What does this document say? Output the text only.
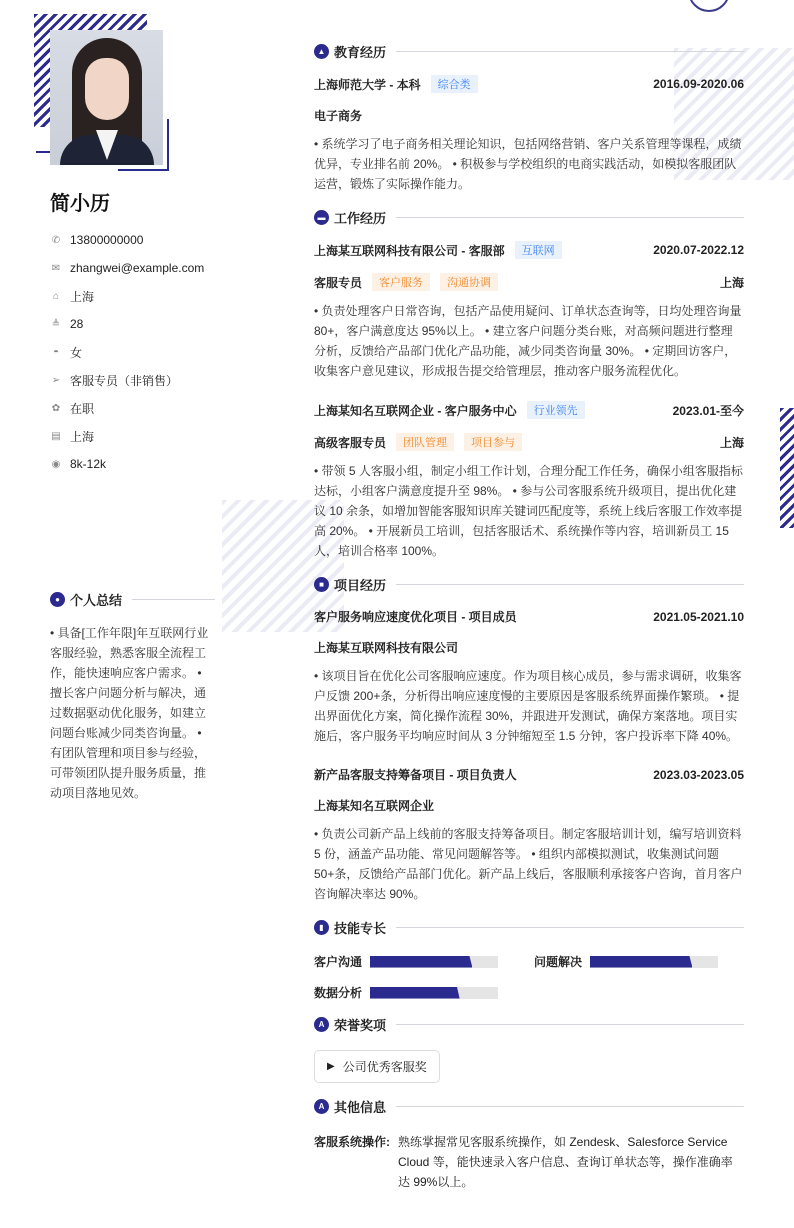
简小历
✆ 13800000000
✉ zhangwei@example.com
⌂ 上海
≜ 28
◓ 女
➢ 客服专员（非销售）
✿ 在职
▤ 上海
◉ 8k-12k
● 个人总结

• 具备[工作年限]年互联网行业客服经验，熟悉客服全流程工作，能快速响应客户需求。 • 擅长客户问题分析与解决，通过数据驱动优化服务，如建立问题台账减少同类咨询量。 • 有团队管理和项目参与经验，可带领团队提升服务质量，推动项目落地见效。

▲ 教育经历
上海师范大学 - 本科	综合类	2016.09-2020.06
电子商务
• 系统学习了电子商务相关理论知识，包括网络营销、客户关系管理等课程，成绩优异，专业排名前 20%。 • 积极参与学校组织的电商实践活动，如模拟客服团队运营，锻炼了实际操作能力。
▬ 工作经历
上海某互联网科技有限公司 - 客服部	互联网	2020.07-2022.12
客服专员	客户服务	沟通协调	上海
• 负责处理客户日常咨询，包括产品使用疑问、订单状态查询等，日均处理咨询量 80+，客户满意度达 95%以上。 • 建立客户问题分类台账，对高频问题进行整理分析，反馈给产品部门优化产品功能，减少同类咨询量 30%。 • 定期回访客户，收集客户意见建议，形成报告提交给管理层，推动客户服务流程优化。
上海某知名互联网企业 - 客户服务中心	行业领先	2023.01-至今
高级客服专员	团队管理	项目参与	上海
• 带领 5 人客服小组，制定小组工作计划，合理分配工作任务，确保小组客服指标达标，小组客户满意度提升至 98%。 • 参与公司客服系统升级项目，提出优化建议 10 余条，如增加智能客服知识库关键词匹配度等，系统上线后客服工作效率提高 20%。 • 开展新员工培训，包括客服话术、系统操作等内容，培训新员工 15 人，培训合格率 100%。
■ 项目经历
客户服务响应速度优化项目 - 项目成员	2021.05-2021.10
上海某互联网科技有限公司
• 该项目旨在优化公司客服响应速度。作为项目核心成员，参与需求调研，收集客户反馈 200+条，分析得出响应速度慢的主要原因是客服系统界面操作繁琐。 • 提出界面优化方案，简化操作流程 30%，并跟进开发测试，确保方案落地。项目实施后，客户服务平均响应时间从 3 分钟缩短至 1.5 分钟，客户投诉率下降 40%。
新产品客服支持筹备项目 - 项目负责人	2023.03-2023.05
上海某知名互联网企业
• 负责公司新产品上线前的客服支持筹备项目。制定客服培训计划，编写培训资料 5 份，涵盖产品功能、常见问题解答等。 • 组织内部模拟测试，收集测试问题 50+条，反馈给产品部门优化。新产品上线后，客服顺利承接客户咨询，首月客户咨询解决率达 90%。
▮ 技能专长
客户沟通	问题解决
数据分析
A 荣誉奖项
▶ 公司优秀客服奖
A 其他信息
客服系统操作: 熟练掌握常见客服系统操作，如 Zendesk、Salesforce Service Cloud 等，能快速录入客户信息、查询订单状态等，操作准确率达 99%以上。
